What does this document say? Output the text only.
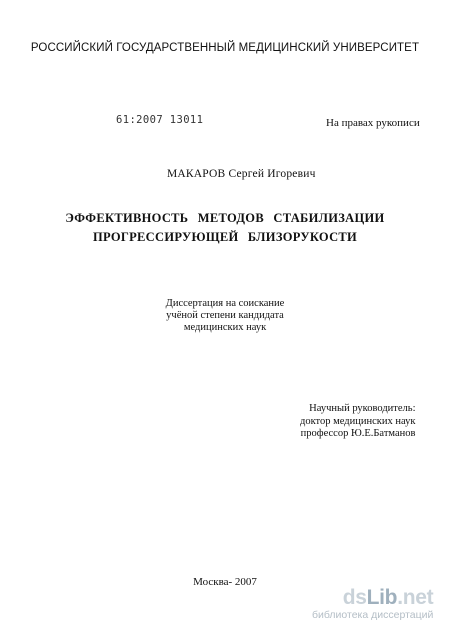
РОССИЙСКИЙ ГОСУДАРСТВЕННЫЙ МЕДИЦИНСКИЙ УНИВЕРСИТЕТ
61:2007 13011	На правах рукописи
МАКАРОВ Сергей Игоревич
ЭФФЕКТИВНОСТЬ МЕТОДОВ СТАБИЛИЗАЦИИ
ПРОГРЕССИРУЮЩЕЙ БЛИЗОРУКОСТИ
Диссертация на соискание
учёной степени кандидата
медицинских наук
Научный руководитель:
доктор медицинских наук
профессор Ю.Е.Батманов
Москва- 2007
dsLib.net
библиотека диссертаций
